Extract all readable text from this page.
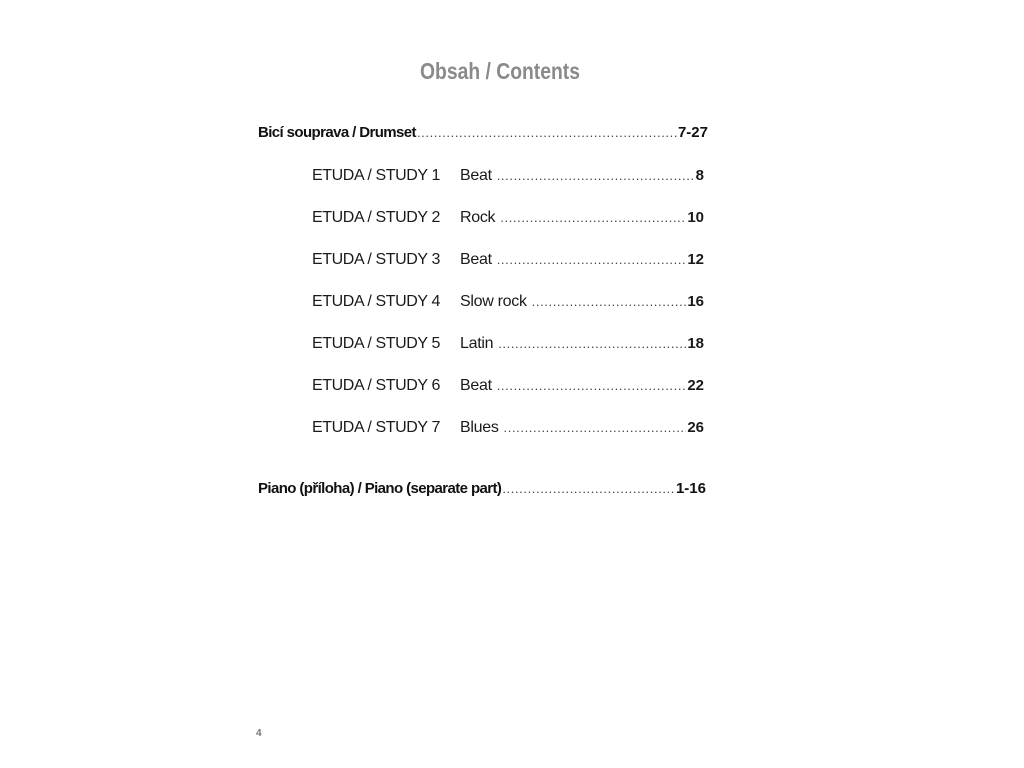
Obsah / Contents
Bicí souprava / Drumset .....	7-27
ETUDA / STUDY 1	Beat .....	8
ETUDA / STUDY 2	Rock .....	10
ETUDA / STUDY 3	Beat .....	12
ETUDA / STUDY 4	Slow rock .....	16
ETUDA / STUDY 5	Latin .....	18
ETUDA / STUDY 6	Beat .....	22
ETUDA / STUDY 7	Blues .....	26
Piano (příloha) / Piano (separate part) .....	1-16
4
